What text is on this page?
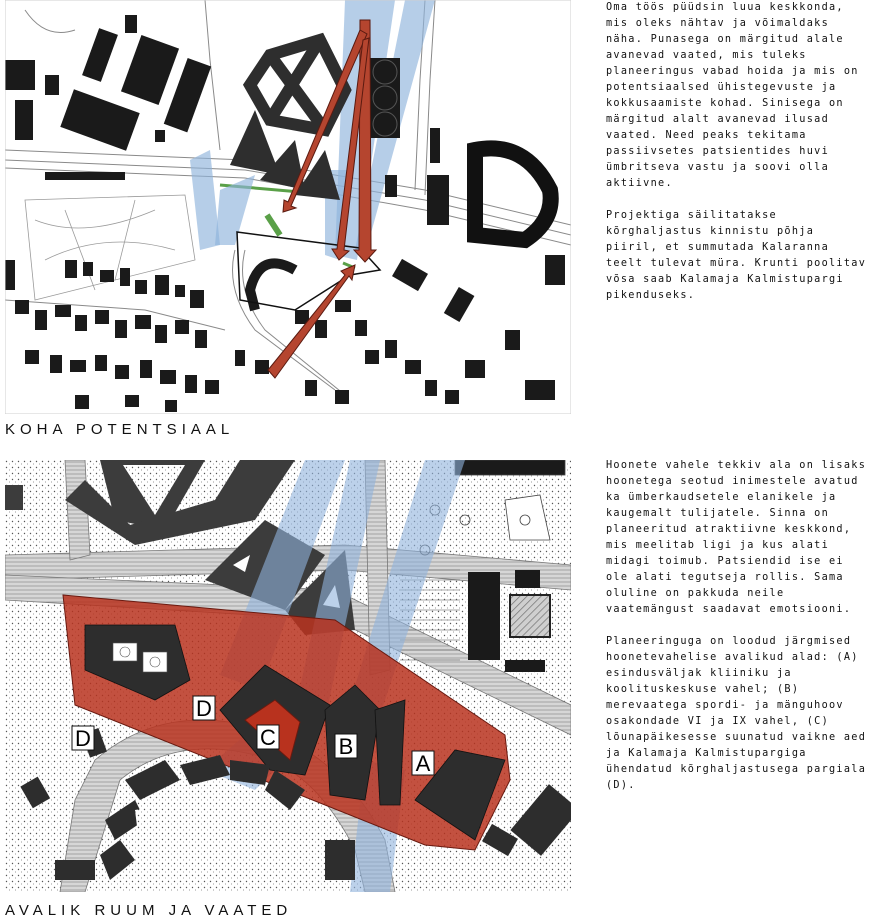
KOHA POTENTSIAAL

Oma töös püüdsin luua keskkonda, mis oleks nähtav ja võimaldaks näha. Punasega on märgitud alale avanevad vaated, mis tuleks planeeringus vabad hoida ja mis on potentsiaalsed ühistegevuste ja kokkusaamiste kohad. Sinisega on märgitud alalt avanevad ilusad vaated. Need peaks tekitama passiivsetes patsientides huvi ümbritseva vastu ja soovi olla aktiivne.

Projektiga säilitatakse kõrghaljastus kinnistu põhja piiril, et summutada Kalaranna teelt tulevat müra. Krunti poolitav võsa saab Kalamaja Kalmistupargi pikenduseks.

D
C	B
A
D
AVALIK RUUM JA VAATED

Hoonete vahele tekkiv ala on lisaks hoonetega seotud inimestele avatud ka ümberkaudsetele elanikele ja kaugemalt tulijatele. Sinna on planeeritud atraktiivne keskkond, mis meelitab ligi ja kus alati midagi toimub. Patsiendid ise ei ole alati tegutseja rollis. Sama oluline on pakkuda neile vaatemängust saadavat emotsiooni.

Planeeringuga on loodud järgmised hoonetevahelise avalikud alad: (A) esindusväljak kliiniku ja koolituskeskuse vahel; (B) merevaatega spordi- ja mänguhoov osakondade VI ja IX vahel, (C) lõunapäikesesse suunatud vaikne aed ja Kalamaja Kalmistupargiga ühendatud kõrghaljastusega pargiala (D).
